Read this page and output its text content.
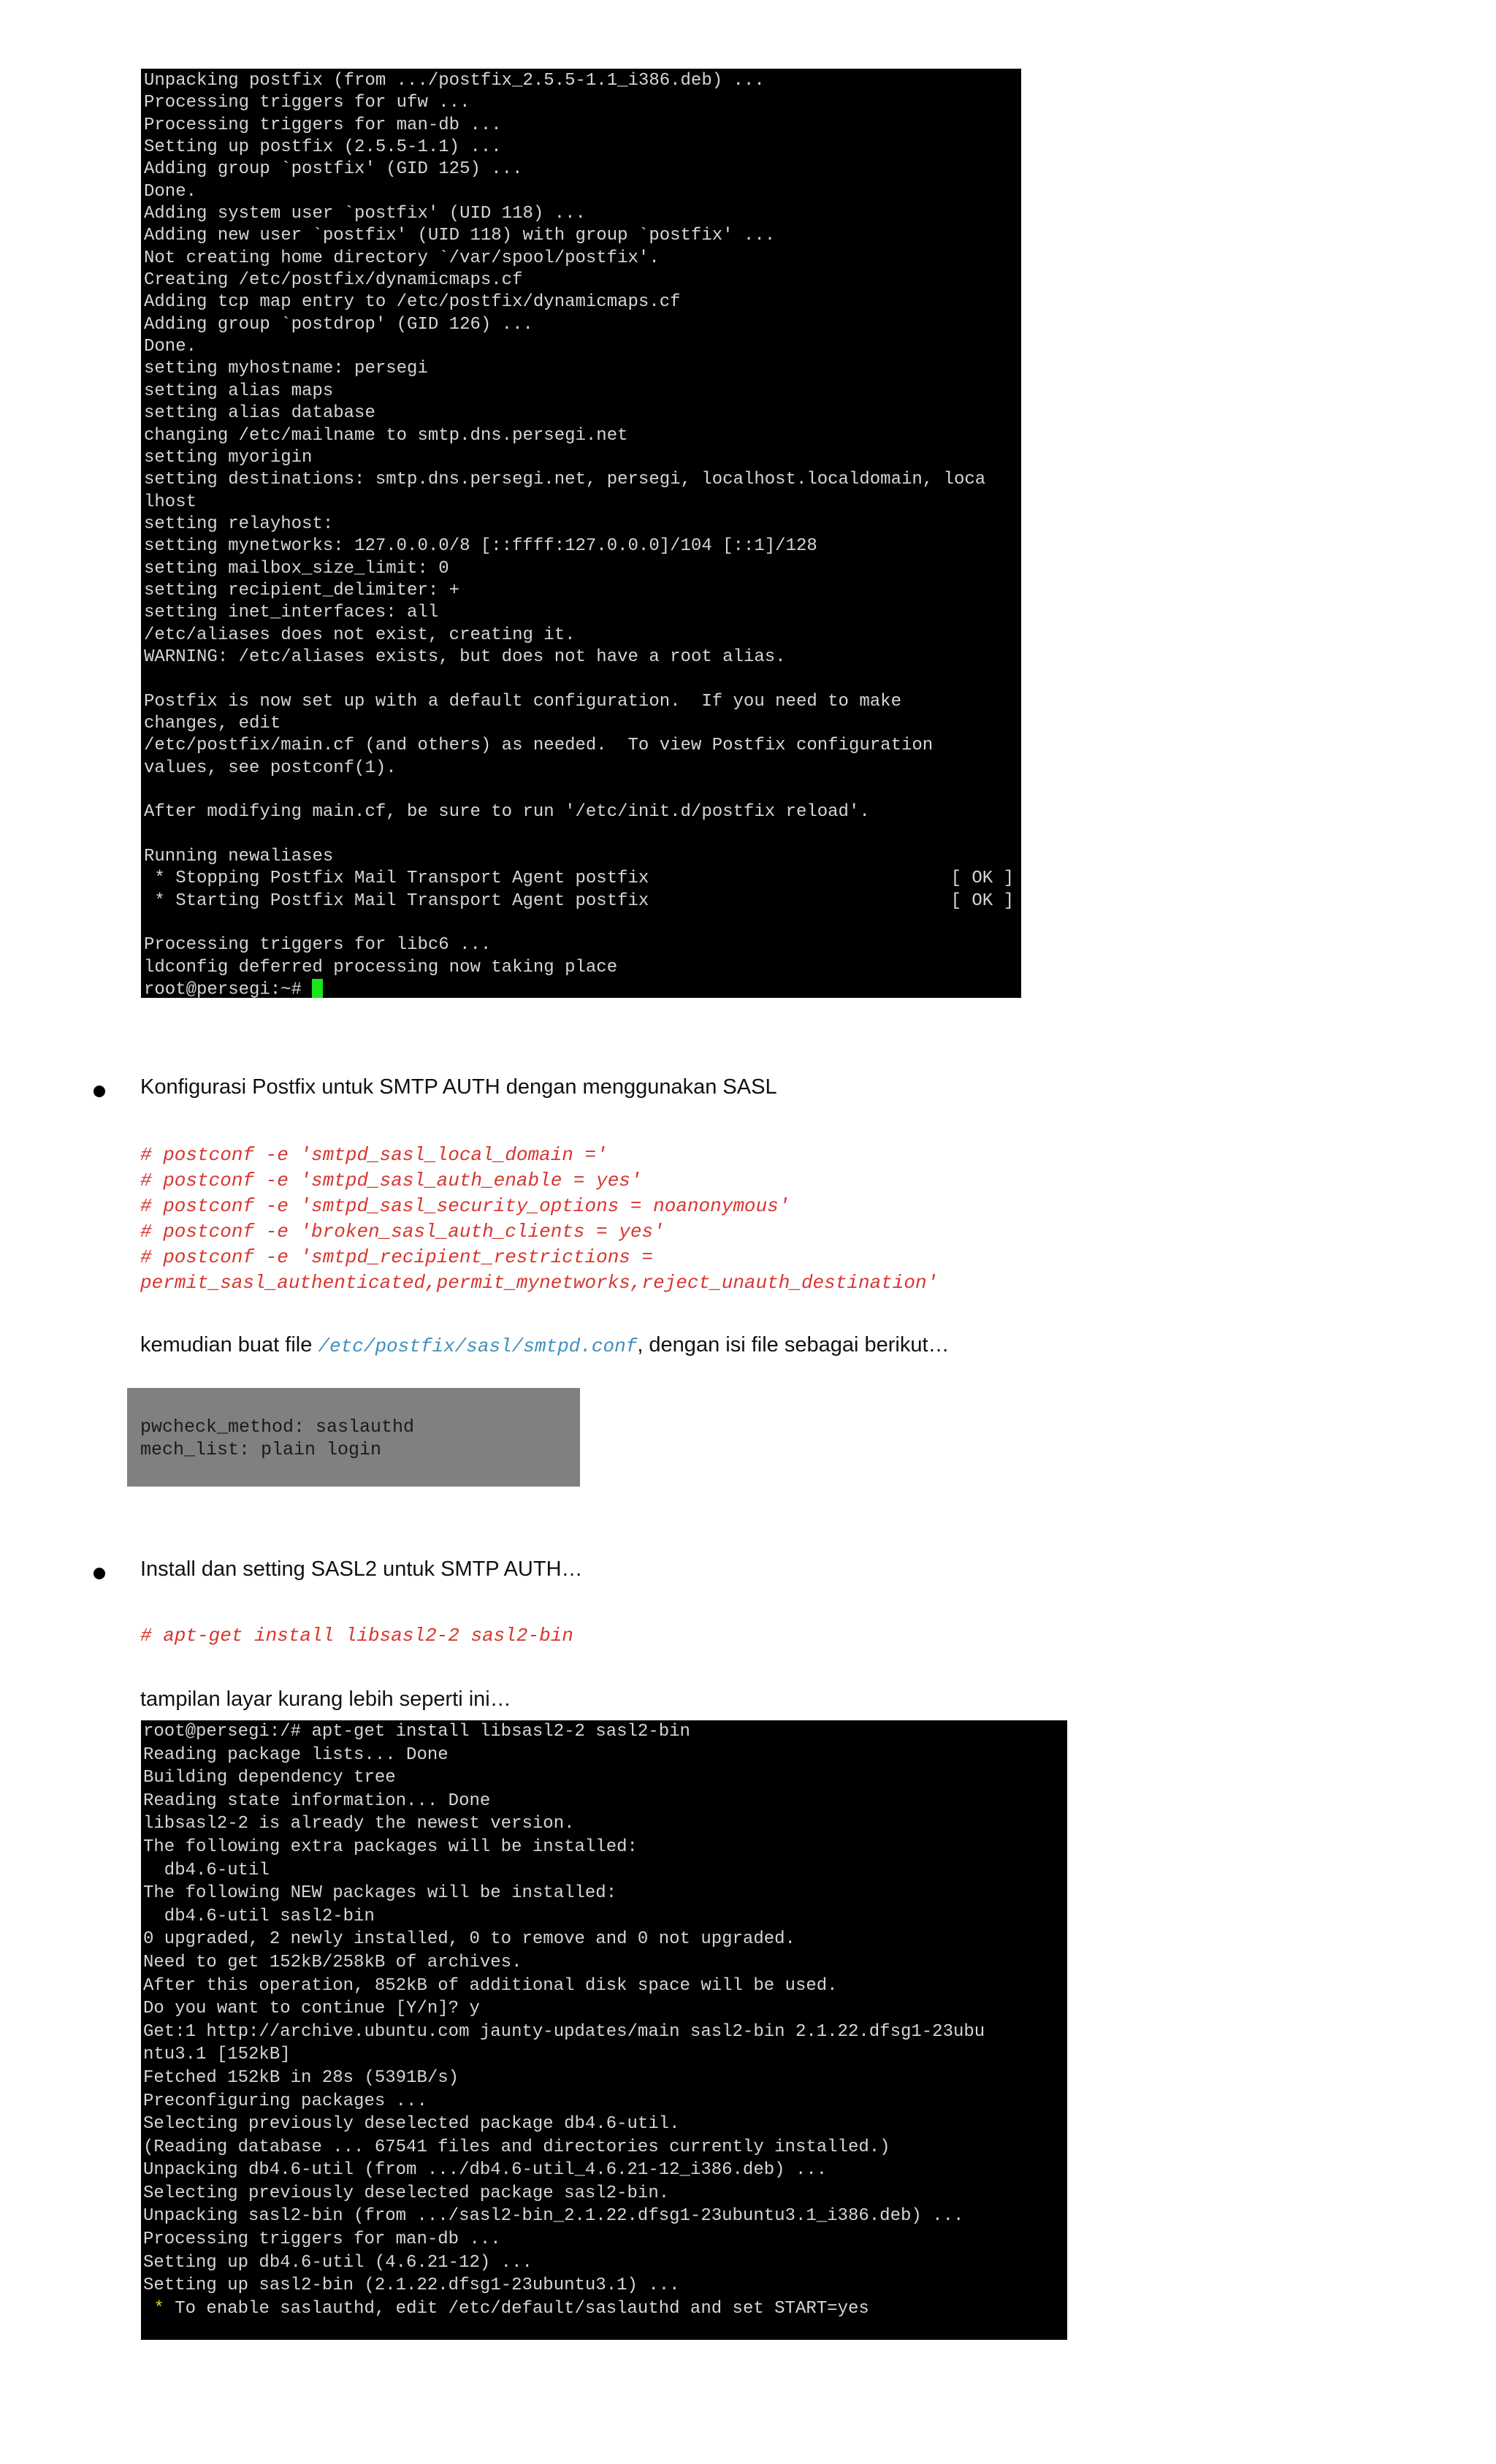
Unpacking postfix (from .../postfix_2.5.5-1.1_i386.deb) ...
Processing triggers for ufw ...
Processing triggers for man-db ...
Setting up postfix (2.5.5-1.1) ...
Adding group `postfix' (GID 125) ...
Done.
Adding system user `postfix' (UID 118) ...
Adding new user `postfix' (UID 118) with group `postfix' ...
Not creating home directory `/var/spool/postfix'.
Creating /etc/postfix/dynamicmaps.cf
Adding tcp map entry to /etc/postfix/dynamicmaps.cf
Adding group `postdrop' (GID 126) ...
Done.
setting myhostname: persegi
setting alias maps
setting alias database
changing /etc/mailname to smtp.dns.persegi.net
setting myorigin
setting destinations: smtp.dns.persegi.net, persegi, localhost.localdomain, loca
lhost
setting relayhost:
setting mynetworks: 127.0.0.0/8 [::ffff:127.0.0.0]/104 [::1]/128
setting mailbox_size_limit: 0
setting recipient_delimiter: +
setting inet_interfaces: all
/etc/aliases does not exist, creating it.
WARNING: /etc/aliases exists, but does not have a root alias.
Postfix is now set up with a default configuration.  If you need to make
changes, edit
/etc/postfix/main.cf (and others) as needed.  To view Postfix configuration
values, see postconf(1).
After modifying main.cf, be sure to run '/etc/init.d/postfix reload'.
Running newaliases
* Stopping Postfix Mail Transport Agent postfix	[ OK ]
* Starting Postfix Mail Transport Agent postfix	[ OK ]
Processing triggers for libc6 ...
ldconfig deferred processing now taking place
root@persegi:~#
Konfigurasi Postfix untuk SMTP AUTH dengan menggunakan SASL
# postconf -e 'smtpd_sasl_local_domain ='
# postconf -e 'smtpd_sasl_auth_enable = yes'
# postconf -e 'smtpd_sasl_security_options = noanonymous'
# postconf -e 'broken_sasl_auth_clients = yes'
# postconf -e 'smtpd_recipient_restrictions =
permit_sasl_authenticated,permit_mynetworks,reject_unauth_destination'
kemudian buat file /etc/postfix/sasl/smtpd.conf, dengan isi file sebagai berikut…
pwcheck_method: saslauthd
mech_list: plain login
Install dan setting SASL2 untuk SMTP AUTH…
# apt-get install libsasl2-2 sasl2-bin
tampilan layar kurang lebih seperti ini…
root@persegi:/# apt-get install libsasl2-2 sasl2-bin
Reading package lists... Done
Building dependency tree
Reading state information... Done
libsasl2-2 is already the newest version.
The following extra packages will be installed:
db4.6-util
The following NEW packages will be installed:
db4.6-util sasl2-bin
0 upgraded, 2 newly installed, 0 to remove and 0 not upgraded.
Need to get 152kB/258kB of archives.
After this operation, 852kB of additional disk space will be used.
Do you want to continue [Y/n]? y
Get:1 http://archive.ubuntu.com jaunty-updates/main sasl2-bin 2.1.22.dfsg1-23ubu
ntu3.1 [152kB]
Fetched 152kB in 28s (5391B/s)
Preconfiguring packages ...
Selecting previously deselected package db4.6-util.
(Reading database ... 67541 files and directories currently installed.)
Unpacking db4.6-util (from .../db4.6-util_4.6.21-12_i386.deb) ...
Selecting previously deselected package sasl2-bin.
Unpacking sasl2-bin (from .../sasl2-bin_2.1.22.dfsg1-23ubuntu3.1_i386.deb) ...
Processing triggers for man-db ...
Setting up db4.6-util (4.6.21-12) ...
Setting up sasl2-bin (2.1.22.dfsg1-23ubuntu3.1) ...
* To enable saslauthd, edit /etc/default/saslauthd and set START=yes
